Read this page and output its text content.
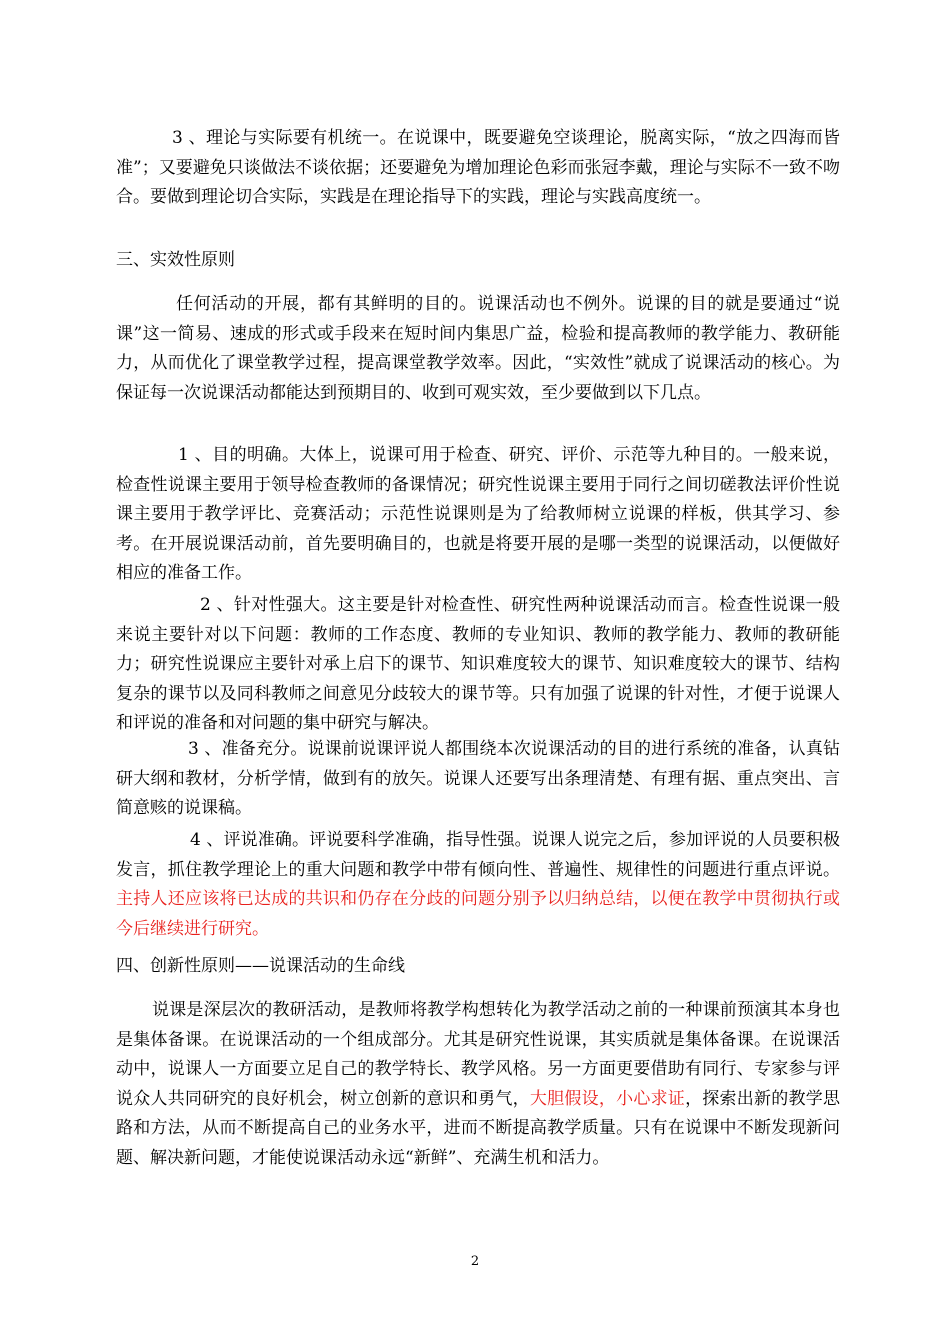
3 、理论与实际要有机统一。在说课中，既要避免空谈理论，脱离实际，“放之四海而皆准”；又要避免只谈做法不谈依据；还要避免为增加理论色彩而张冠李戴，理论与实际不一致不吻合。要做到理论切合实际，实践是在理论指导下的实践，理论与实践高度统一。

三、实效性原则

任何活动的开展，都有其鲜明的目的。说课活动也不例外。说课的目的就是要通过“说课”这一简易、速成的形式或手段来在短时间内集思广益，检验和提高教师的教学能力、教研能力，从而优化了课堂教学过程，提高课堂教学效率。因此，“实效性”就成了说课活动的核心。为保证每一次说课活动都能达到预期目的、收到可观实效，至少要做到以下几点。

1 、目的明确。大体上，说课可用于检查、研究、评价、示范等九种目的。一般来说，检查性说课主要用于领导检查教师的备课情况；研究性说课主要用于同行之间切磋教法评价性说课主要用于教学评比、竞赛活动；示范性说课则是为了给教师树立说课的样板，供其学习、参考。在开展说课活动前，首先要明确目的，也就是将要开展的是哪一类型的说课活动，以便做好相应的准备工作。

2 、针对性强大。这主要是针对检查性、研究性两种说课活动而言。检查性说课一般来说主要针对以下问题：教师的工作态度、教师的专业知识、教师的教学能力、教师的教研能力；研究性说课应主要针对承上启下的课节、知识难度较大的课节、知识难度较大的课节、结构复杂的课节以及同科教师之间意见分歧较大的课节等。只有加强了说课的针对性，才便于说课人和评说的准备和对问题的集中研究与解决。

3 、准备充分。说课前说课评说人都围绕本次说课活动的目的进行系统的准备，认真钻研大纲和教材，分析学情，做到有的放矢。说课人还要写出条理清楚、有理有据、重点突出、言简意赅的说课稿。

4 、评说准确。评说要科学准确，指导性强。说课人说完之后，参加评说的人员要积极发言，抓住教学理论上的重大问题和教学中带有倾向性、普遍性、规律性的问题进行重点评说。主持人还应该将已达成的共识和仍存在分歧的问题分别予以归纳总结，以便在教学中贯彻执行或今后继续进行研究。

四、创新性原则——说课活动的生命线

说课是深层次的教研活动，是教师将教学构想转化为教学活动之前的一种课前预演其本身也是集体备课。在说课活动的一个组成部分。尤其是研究性说课，其实质就是集体备课。在说课活动中，说课人一方面要立足自己的教学特长、教学风格。另一方面更要借助有同行、专家参与评说众人共同研究的良好机会，树立创新的意识和勇气，大胆假设，小心求证，探索出新的教学思路和方法，从而不断提高自己的业务水平，进而不断提高教学质量。只有在说课中不断发现新问题、解决新问题，才能使说课活动永远“新鲜”、充满生机和活力。

2
